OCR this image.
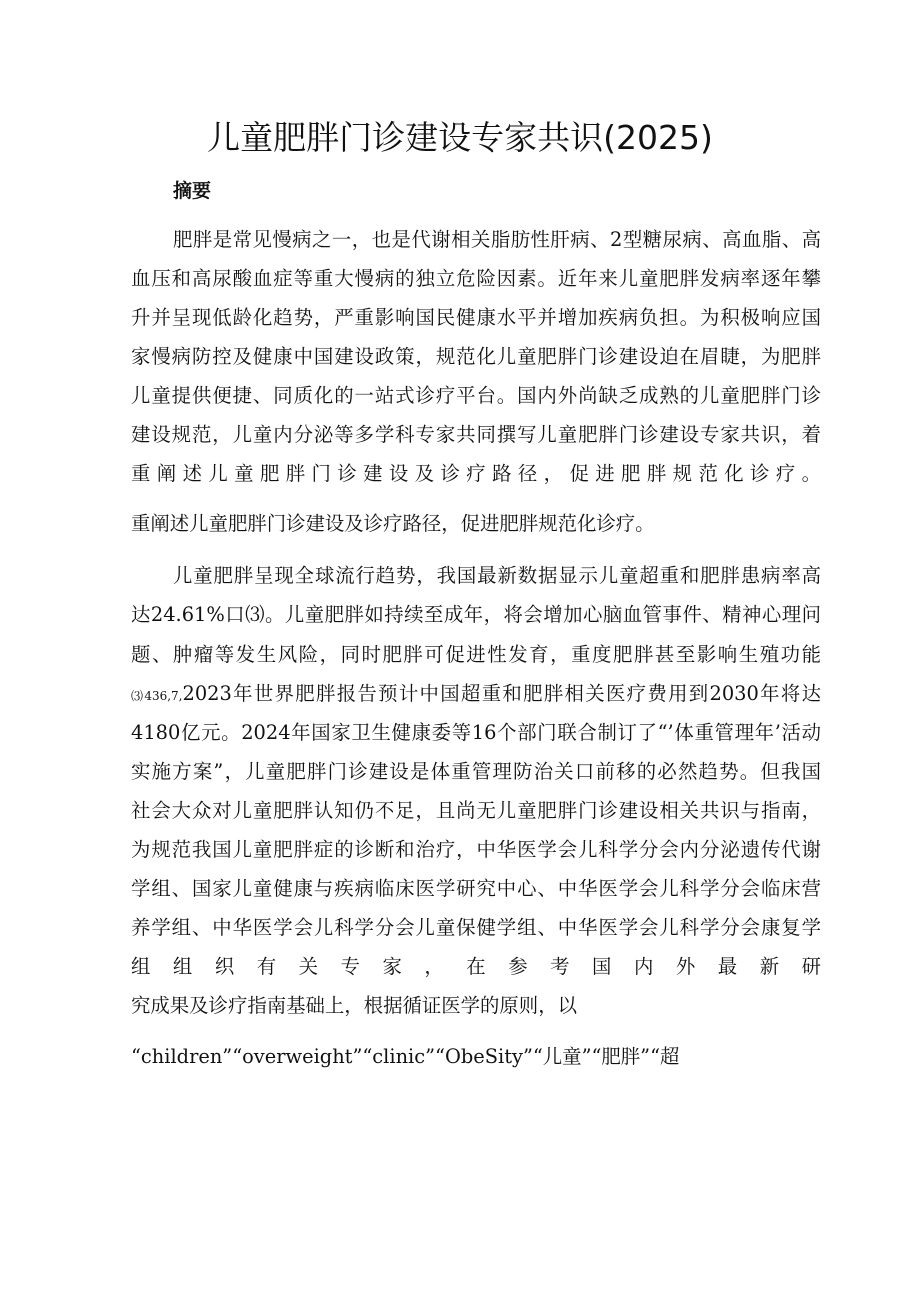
儿童肥胖门诊建设专家共识(2025)
摘要
肥胖是常见慢病之一，也是代谢相关脂肪性肝病、2型糖尿病、高血脂、高
血压和高尿酸血症等重大慢病的独立危险因素。近年来儿童肥胖发病率逐年攀
升并呈现低龄化趋势，严重影响国民健康水平并增加疾病负担。为积极响应国
家慢病防控及健康中国建设政策，规范化儿童肥胖门诊建设迫在眉睫，为肥胖
儿童提供便捷、同质化的一站式诊疗平台。国内外尚缺乏成熟的儿童肥胖门诊
建设规范，儿童内分泌等多学科专家共同撰写儿童肥胖门诊建设专家共识，着
重阐述儿童肥胖门诊建设及诊疗路径，促进肥胖规范化诊疗。
重阐述儿童肥胖门诊建设及诊疗路径，促进肥胖规范化诊疗。
儿童肥胖呈现全球流行趋势，我国最新数据显示儿童超重和肥胖患病率高
达24.61%口⑶。儿童肥胖如持续至成年，将会增加心脑血管事件、精神心理问
题、肿瘤等发生风险，同时肥胖可促进性发育，重度肥胖甚至影响生殖功能
⑶436,7,2023年世界肥胖报告预计中国超重和肥胖相关医疗费用到2030年将达
4180亿元。2024年国家卫生健康委等16个部门联合制订了“’体重管理年’活动
实施方案”，儿童肥胖门诊建设是体重管理防治关口前移的必然趋势。但我国
社会大众对儿童肥胖认知仍不足，且尚无儿童肥胖门诊建设相关共识与指南，
为规范我国儿童肥胖症的诊断和治疗，中华医学会儿科学分会内分泌遗传代谢
学组、国家儿童健康与疾病临床医学研究中心、中华医学会儿科学分会临床营
养学组、中华医学会儿科学分会儿童保健学组、中华医学会儿科学分会康复学
组组织有关专家，在参考国内外最新研
究成果及诊疗指南基础上，根据循证医学的原则，以
“children”“overweight”“clinic”“ObeSity”“儿童”“肥胖”“超
